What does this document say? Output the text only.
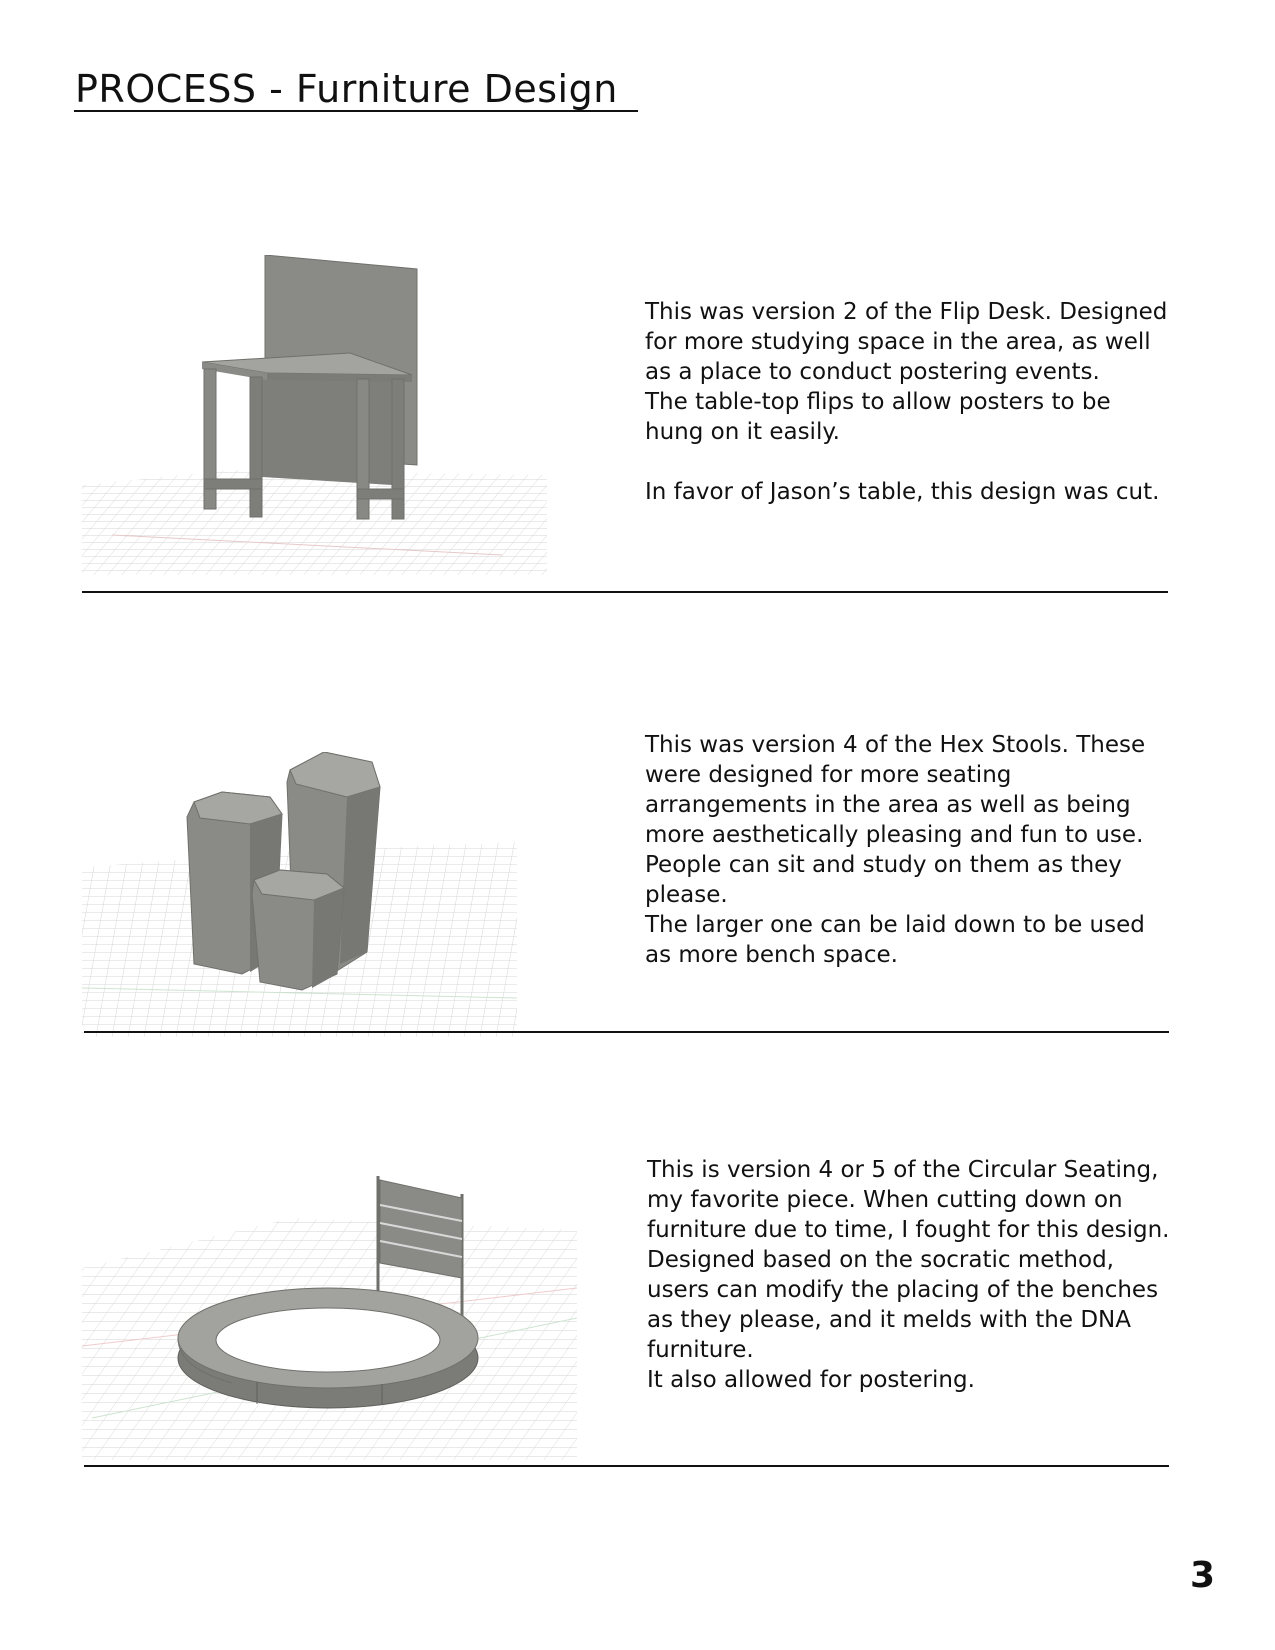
PROCESS - Furniture Design

This was version 2 of the Flip Desk. Designed for more studying space in the area, as well as a place to conduct postering events.

The table-top flips to allow posters to be hung on it easily.

In favor of Jason’s table, this design was cut.

This was version 4 of the Hex Stools. These were designed for more seating arrangements in the area as well as being more aesthetically pleasing and fun to use. People can sit and study on them as they please.

The larger one can be laid down to be used as more bench space.

This is version 4 or 5 of the Circular Seating, my favorite piece. When cutting down on furniture due to time, I fought for this design.

Designed based on the socratic method, users can modify the placing of the benches as they please, and it melds with the DNA furniture.

It also allowed for postering.

3
